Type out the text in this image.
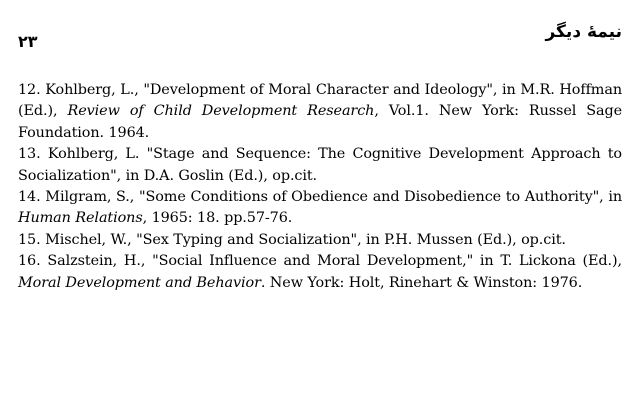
نیمهٔ دیگر
۲۳

12. Kohlberg, L., "Development of Moral Character and Ideology", in M.R. Hoffman (Ed.), Review of Child Development Research, Vol.1. New York: Russel Sage Foundation. 1964.

13. Kohlberg, L. "Stage and Sequence: The Cognitive Development Approach to Socialization", in D.A. Goslin (Ed.), op.cit.

14. Milgram, S., "Some Conditions of Obedience and Disobedience to Authority", in Human Relations, 1965: 18. pp.57-76.

15. Mischel, W., "Sex Typing and Socialization", in P.H. Mussen (Ed.), op.cit.

16. Salzstein, H., "Social Influence and Moral Development," in T. Lickona (Ed.), Moral Development and Behavior. New York: Holt, Rinehart & Winston: 1976.
